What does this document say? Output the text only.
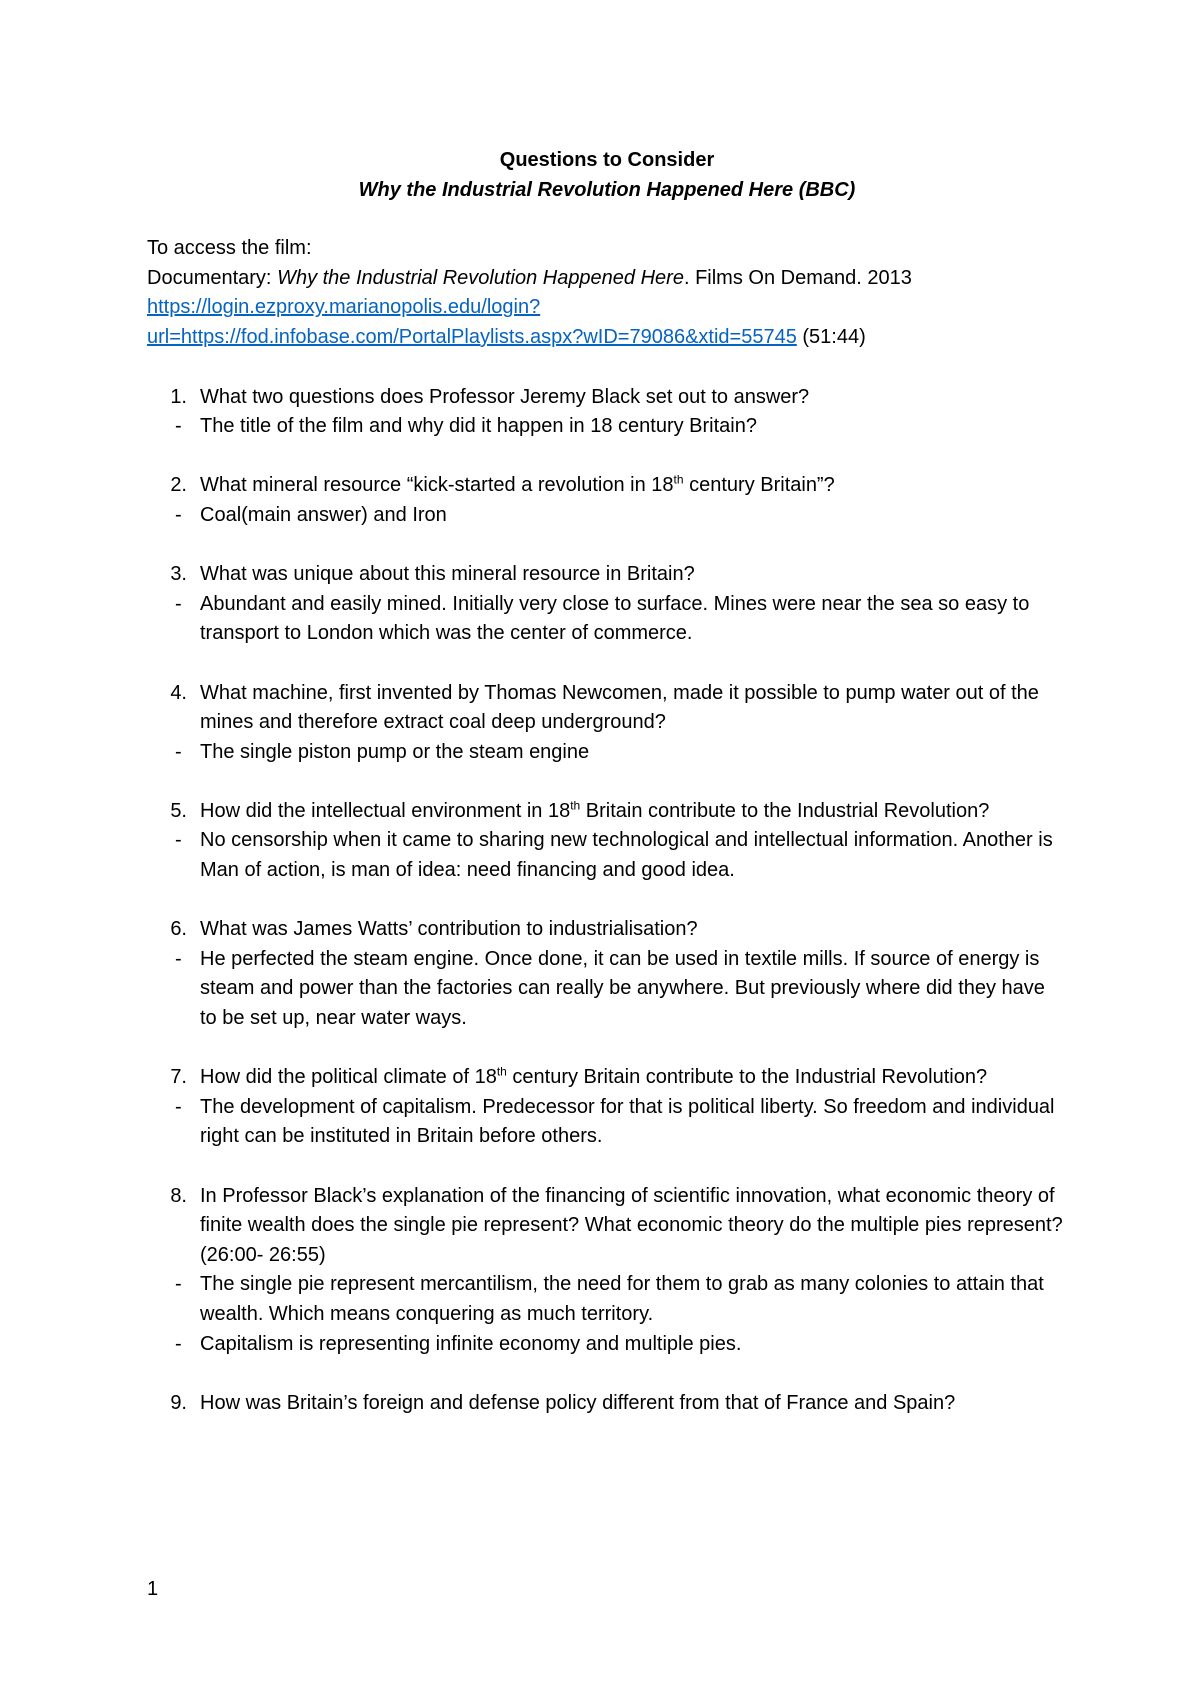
Questions to Consider
Why the Industrial Revolution Happened Here (BBC)
To access the film:
Documentary: Why the Industrial Revolution Happened Here. Films On Demand. 2013
https://login.ezproxy.marianopolis.edu/login?
url=https://fod.infobase.com/PortalPlaylists.aspx?wID=79086&xtid=55745 (51:44)
1. What two questions does Professor Jeremy Black set out to answer?
- The title of the film and why did it happen in 18 century Britain?
2. What mineral resource “kick-started a revolution in 18th century Britain”?
- Coal(main answer) and Iron
3. What was unique about this mineral resource in Britain?
- Abundant and easily mined. Initially very close to surface. Mines were near the sea so easy to transport to London which was the center of commerce.
4. What machine, first invented by Thomas Newcomen, made it possible to pump water out of the mines and therefore extract coal deep underground?
- The single piston pump or the steam engine
5. How did the intellectual environment in 18th Britain contribute to the Industrial Revolution?
- No censorship when it came to sharing new technological and intellectual information. Another is Man of action, is man of idea: need financing and good idea.
6. What was James Watts’ contribution to industrialisation?
- He perfected the steam engine. Once done, it can be used in textile mills. If source of energy is steam and power than the factories can really be anywhere. But previously where did they have to be set up, near water ways.
7. How did the political climate of 18th century Britain contribute to the Industrial Revolution?
- The development of capitalism. Predecessor for that is political liberty. So freedom and individual right can be instituted in Britain before others.
8. In Professor Black’s explanation of the financing of scientific innovation, what economic theory of finite wealth does the single pie represent? What economic theory do the multiple pies represent? (26:00- 26:55)
- The single pie represent mercantilism, the need for them to grab as many colonies to attain that wealth. Which means conquering as much territory.
- Capitalism is representing infinite economy and multiple pies.
9. How was Britain’s foreign and defense policy different from that of France and Spain?
1
